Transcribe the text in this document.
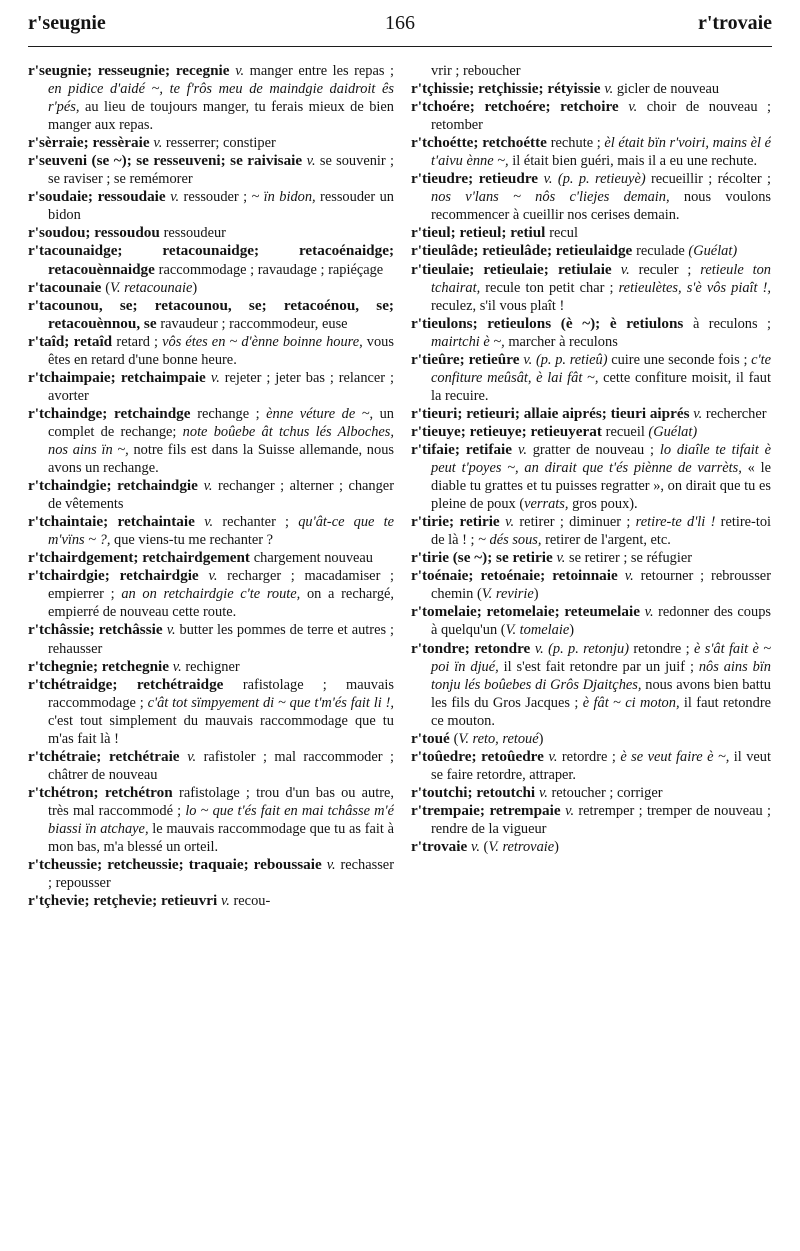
r'seugnie	166	r'trovaie

r'seugnie; resseugnie; recegnie v. manger entre les repas ; en pidice d'aidé ~, te f'rôs meu de maindgie daidroit ês r'pés, au lieu de toujours manger, tu ferais mieux de bien manger aux repas.

r'sèrraie; ressèraie v. resserrer; constiper

r'seuveni (se ~); se resseuveni; se raivisaie v. se souvenir ; se raviser ; se remémorer

r'soudaie; ressoudaie v. ressouder ; ~ ïn bidon, ressouder un bidon

r'soudou; ressoudou ressoudeur

r'tacounaidge; retacounaidge; retacoénaidge; retacouènnaidge raccommodage ; ravaudage ; rapiéçage

r'tacounaie (V. retacounaie)

r'tacounou, se; retacounou, se; retacoénou, se; retacouènnou, se ravaudeur ; raccommodeur, euse

r'taîd; retaîd retard ; vôs étes en ~ d'ènne boinne houre, vous êtes en retard d'une bonne heure.

r'tchaimpaie; retchaimpaie v. rejeter ; jeter bas ; relancer ; avorter

r'tchaindge; retchaindge rechange ; ènne véture de ~, un complet de rechange; note boûebe ât tchus lés Alboches, nos ains ïn ~, notre fils est dans la Suisse allemande, nous avons un rechange.

r'tchaindgie; retchaindgie v. rechanger ; alterner ; changer de vêtements

r'tchaintaie; retchaintaie v. rechanter ; qu'ât-ce que te m'vïns ~ ?, que viens-tu me rechanter ?

r'tchairdgement; retchairdgement chargement nouveau

r'tchairdgie; retchairdgie v. recharger ; macadamiser ; empierrer ; an on retchairdgie c'te route, on a rechargé, empierré de nouveau cette route.

r'tchâssie; retchâssie v. butter les pommes de terre et autres ; rehausser

r'tchegnie; retchegnie v. rechigner

r'tchétraidge; retchétraidge rafistolage ; mauvais raccommodage ; c'ât tot sïmpyement di ~ que t'm'és fait li !, c'est tout simplement du mauvais raccommodage que tu m'as fait là !

r'tchétraie; retchétraie v. rafistoler ; mal raccommoder ; châtrer de nouveau

r'tchétron; retchétron rafistolage ; trou d'un bas ou autre, très mal raccommodé ; lo ~ que t'és fait en mai tchâsse m'é biassi ïn atchaye, le mauvais raccommodage que tu as fait à mon bas, m'a blessé un orteil.

r'tcheussie; retcheussie; traquaie; reboussaie v. rechasser ; repousser

r'tçhevie; retçhevie; retieuvri v. recou-

vrir ; reboucher

r'tçhissie; retçhissie; rétyissie v. gicler de nouveau

r'tchoére; retchoére; retchoire v. choir de nouveau ; retomber

r'tchoétte; retchoétte rechute ; èl était bïn r'voiri, mains èl é t'aivu ènne ~, il était bien guéri, mais il a eu une rechute.

r'tieudre; retieudre v. (p. p. retieuyè) recueillir ; récolter ; nos v'lans ~ nôs c'liejes demain, nous voulons recommencer à cueillir nos cerises demain.

r'tieul; retieul; retiul recul

r'tieulâde; retieulâde; retieulaidge reculade (Guélat)

r'tieulaie; retieulaie; retiulaie v. reculer ; retieule ton tchairat, recule ton petit char ; retieulètes, s'è vôs piaît !, reculez, s'il vous plaît !

r'tieulons; retieulons (è ~); è retiulons à reculons ; mairtchi è ~, marcher à reculons

r'tieûre; retieûre v. (p. p. retieû) cuire une seconde fois ; c'te confiture meûsât, è lai fât ~, cette confiture moisit, il faut la recuire.

r'tieuri; retieuri; allaie aiprés; tieuri aiprés v. rechercher

r'tieuye; retieuye; retieuyerat recueil (Guélat)

r'tifaie; retifaie v. gratter de nouveau ; lo diaîle te tifait è peut t'poyes ~, an dirait que t'és piènne de varrèts, « le diable tu grattes et tu puisses regratter », on dirait que tu es pleine de poux (verrats, gros poux).

r'tirie; retirie v. retirer ; diminuer ; retire-te d'li ! retire-toi de là ! ; ~ dés sous, retirer de l'argent, etc.

r'tirie (se ~); se retirie v. se retirer ; se réfugier

r'toénaie; retoénaie; retoinnaie v. retourner ; rebrousser chemin (V. revirie)

r'tomelaie; retomelaie; reteumelaie v. redonner des coups à quelqu'un (V. tomelaie)

r'tondre; retondre v. (p. p. retonju) retondre ; è s'ât fait è ~ poi ïn djué, il s'est fait retondre par un juif ; nôs ains bïn tonju lés boûebes di Grôs Djaitçhes, nous avons bien battu les fils du Gros Jacques ; è fât ~ ci moton, il faut retondre ce mouton.

r'toué (V. reto, retoué)

r'toûedre; retoûedre v. retordre ; è se veut faire è ~, il veut se faire retordre, attraper.

r'toutchi; retoutchi v. retoucher ; corriger

r'trempaie; retrempaie v. retremper ; tremper de nouveau ; rendre de la vigueur

r'trovaie v. (V. retrovaie)
